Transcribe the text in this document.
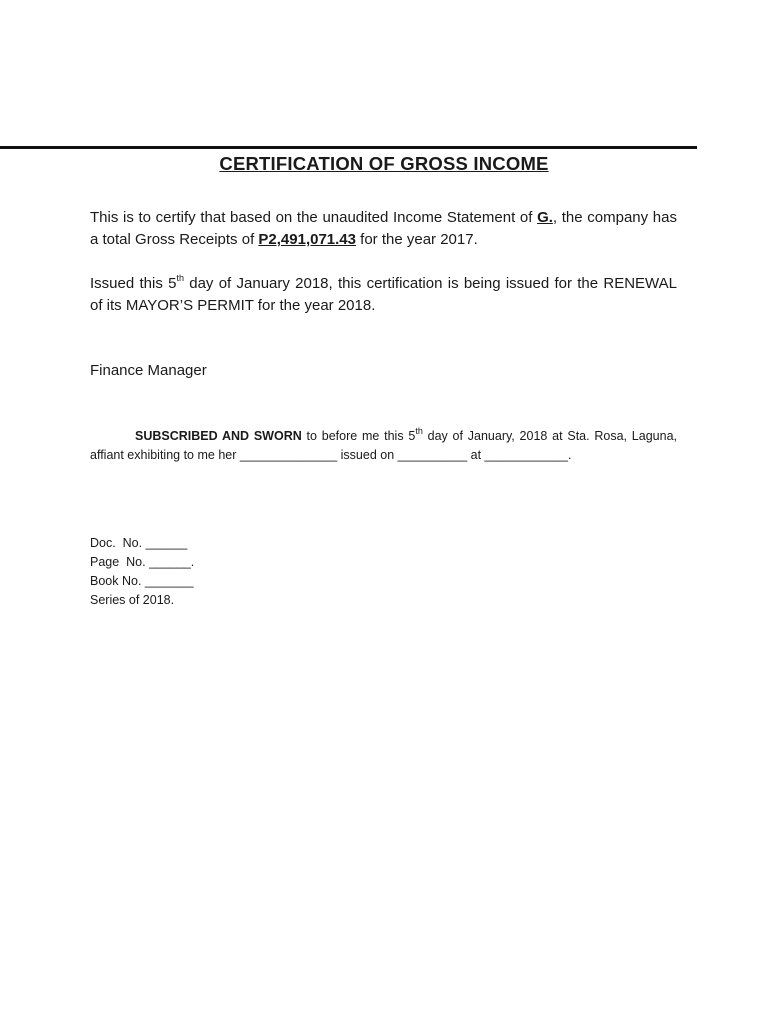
CERTIFICATION OF GROSS INCOME
This is to certify that based on the unaudited Income Statement of G., the company has a total Gross Receipts of P2,491,071.43 for the year 2017.
Issued this 5th day of January 2018, this certification is being issued for the RENEWAL of its MAYOR’S PERMIT for the year 2018.
Finance Manager
SUBSCRIBED AND SWORN to before me this 5th day of January, 2018 at Sta. Rosa, Laguna, affiant exhibiting to me her ______________ issued on __________ at ____________.
Doc.  No. ______
Page  No. ______.
Book No. _______
Series of 2018.
